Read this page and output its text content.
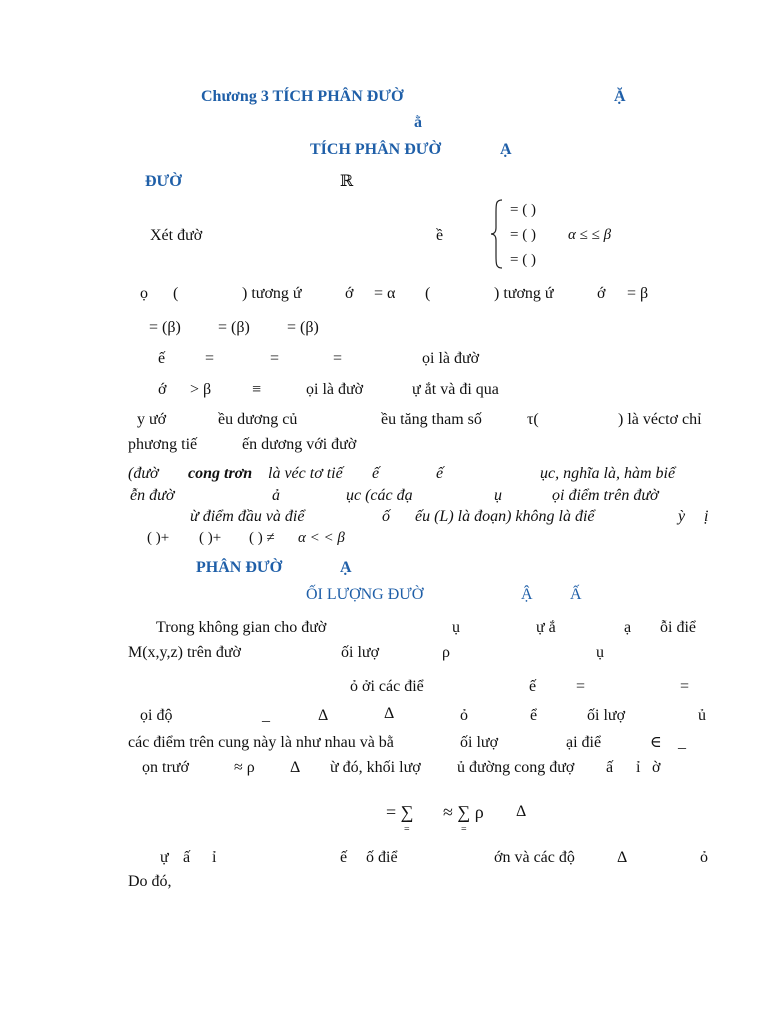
Chương 3 TÍCH PHÂN ĐƯỜ	Ặ
ằ
TÍCH PHÂN ĐƯỜ	Ạ
ĐƯỜ	ℝ
Xét đườ	ề
= ( )
= ( ) α ≤ ≤ β
= ( )
ọ (	) tương ứ	ớ = α (	) tương ứ	ớ = β
= (β) = (β) = (β)
ế =	=	=	ọi là đườ
ớ > β	≡	ọi là đườ	ự ắt và đi qua
y ướ	ều dương củ	ều tăng tham số	τ(	) là véctơ chỉ
phương tiế	ến dương với đườ
(đườ cong trơn là véc tơ tiế ế	ế	ục, nghĩa là, hàm biể
ễn đườ	ả	ục (các đạ	ụ	ọi điểm trên đườ
ừ điểm đầu và điể	ố ếu (L) là đoạn) không là điể	ỳ ị
( )+ ( )+ ( ) ≠ α < < β
PHÂN ĐƯỜ	Ạ
ỐI LƯỢNG ĐƯỜ	Ậ Ấ
Trong không gian cho đườ	ụ	ự ắ	ạ ỗi điể
M(x,y,z) trên đườ	ối lượ	ρ	ụ
ỏ ởi các điể	ế =	=
ọi độ	_	Δ	Δ	ỏ	ể	ối lượ	ủ
các điểm trên cung này là như nhau và bằ	ối lượ	ại điể	∈ _
ọn trướ	≈ ρ Δ ừ đó, khối lượ ủ đường cong đượ ấ ỉ ờ
= ∑ ≈ ∑ ρ Δ
=	=
ự ấ ỉ	ế ố điể	ớn và các độ	Δ	ỏ
Do đó,
